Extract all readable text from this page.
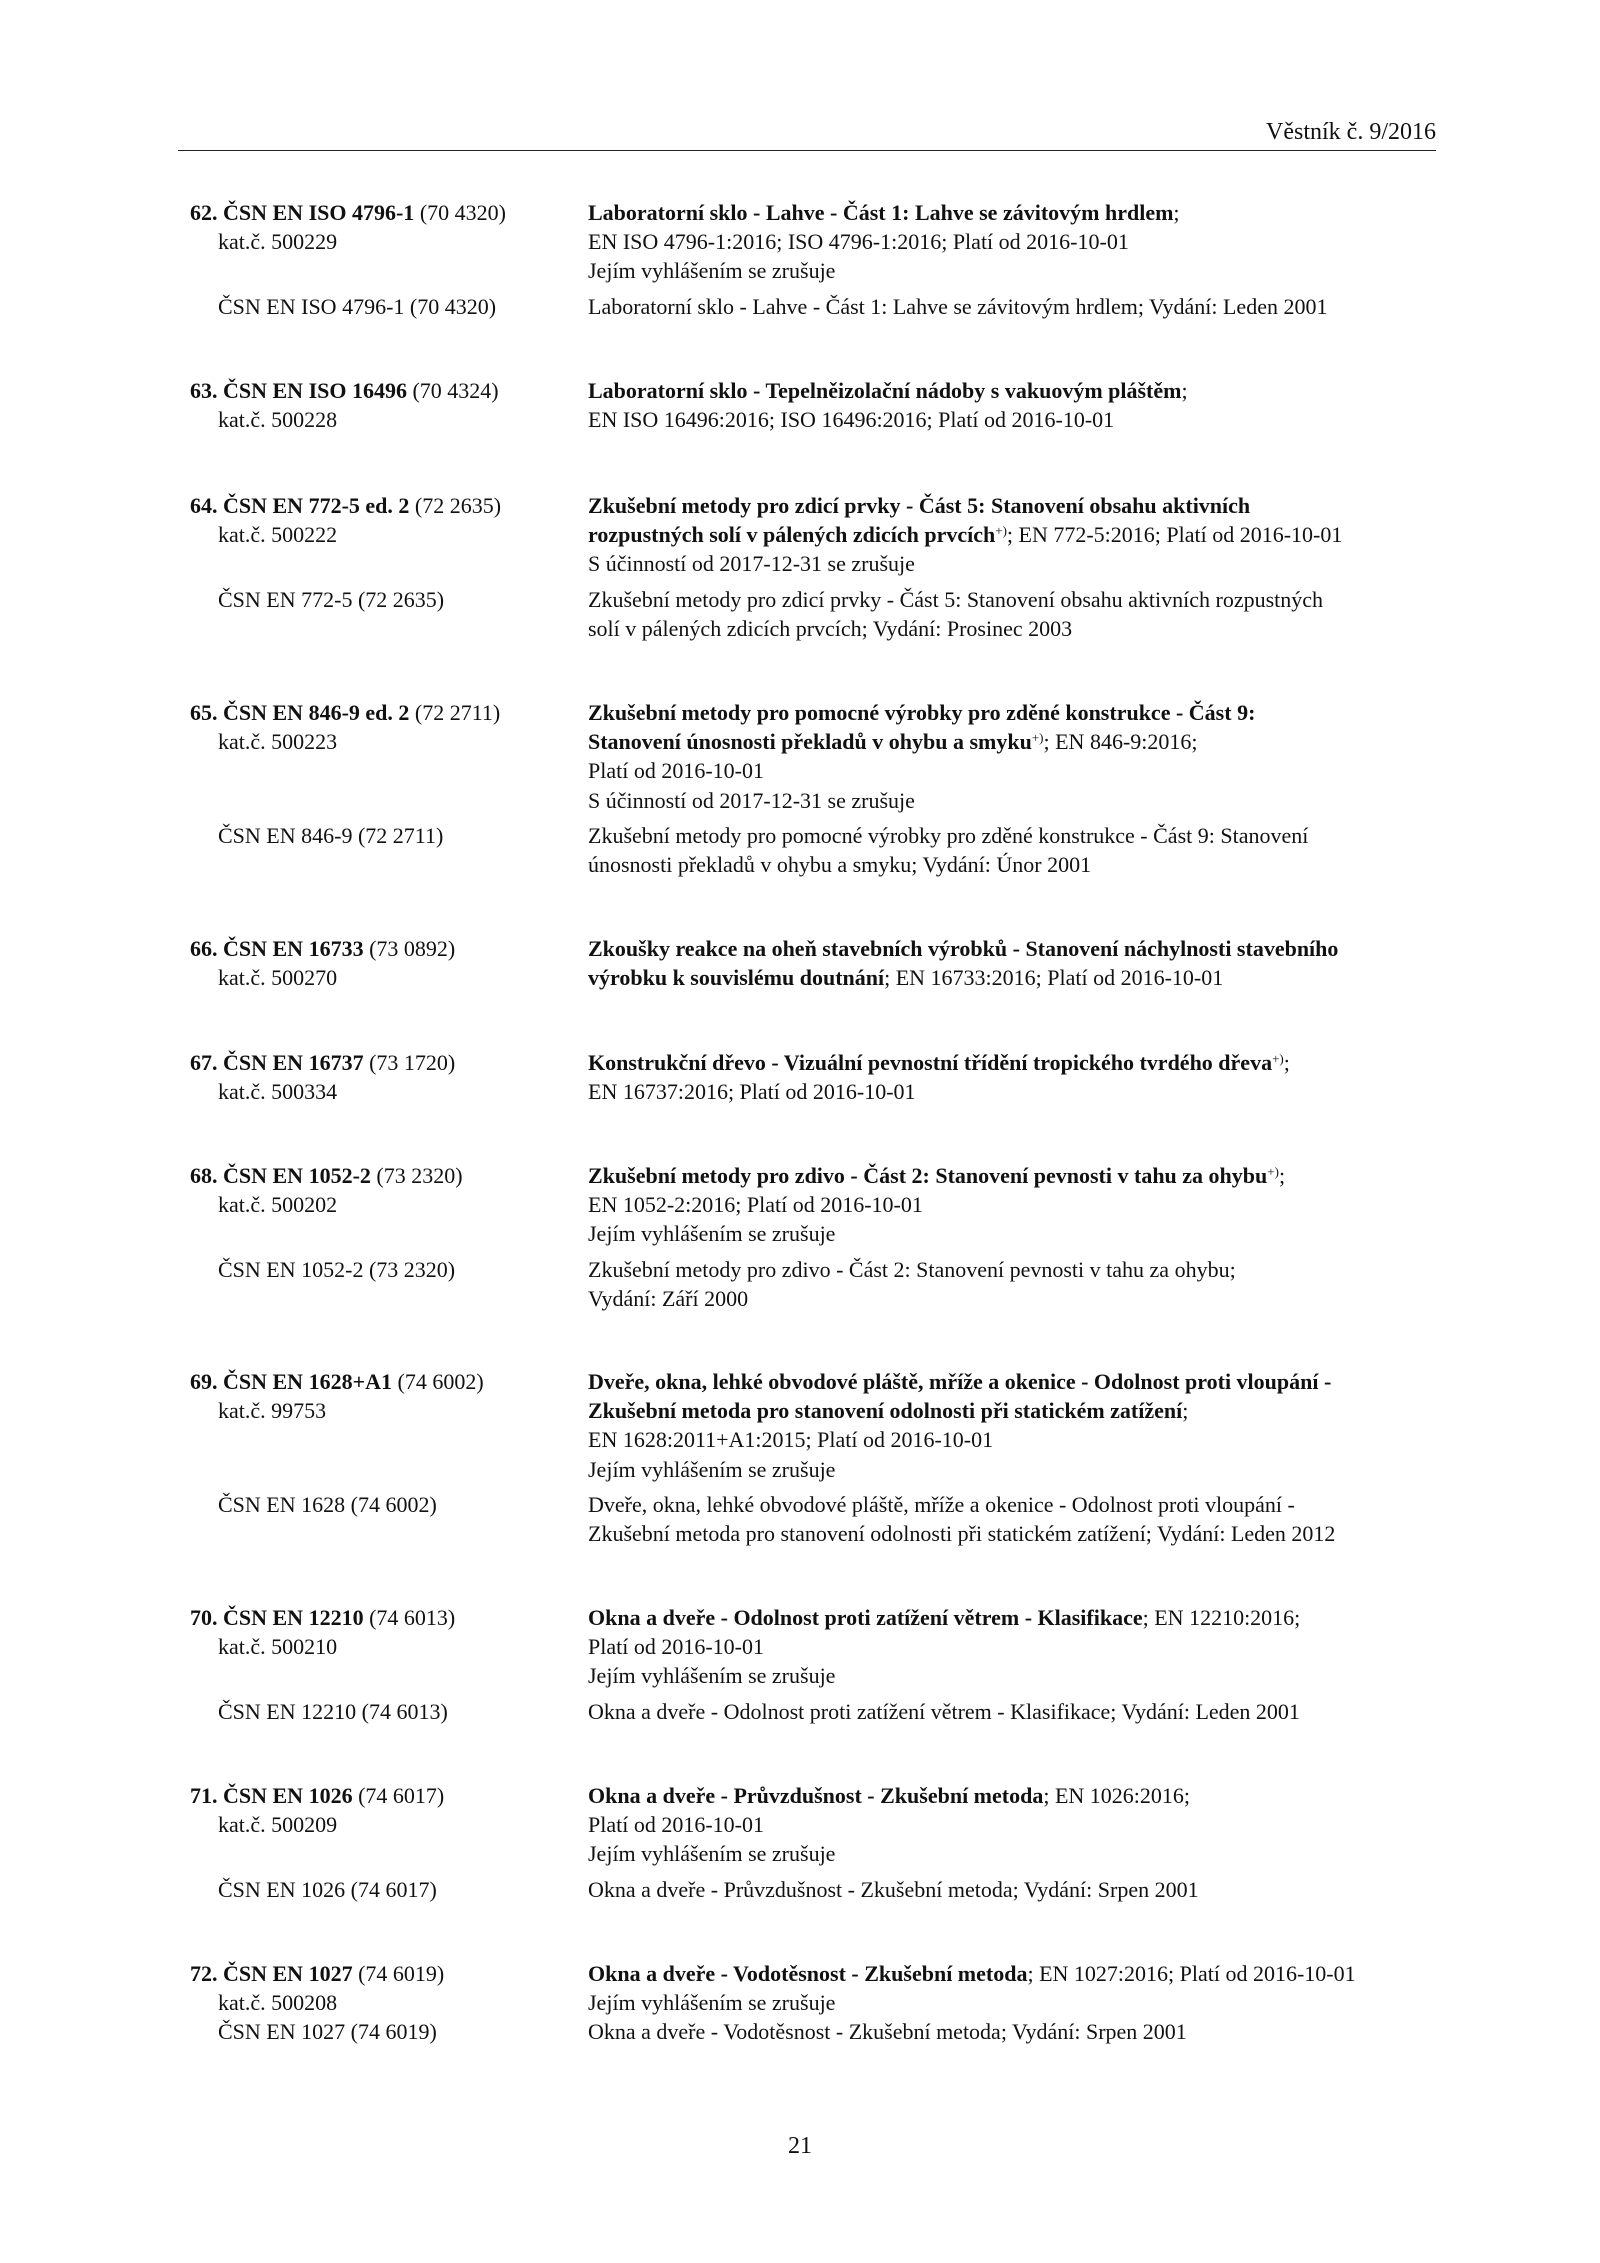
Věstník č. 9/2016
62. ČSN EN ISO 4796-1 (70 4320)	Laboratorní sklo - Lahve - Část 1: Lahve se závitovým hrdlem;
kat.č. 500229	EN ISO 4796-1:2016; ISO 4796-1:2016; Platí od 2016-10-01
Jejím vyhlášením se zrušuje
ČSN EN ISO 4796-1 (70 4320)	Laboratorní sklo - Lahve - Část 1: Lahve se závitovým hrdlem; Vydání: Leden 2001
63. ČSN EN ISO 16496 (70 4324)	Laboratorní sklo - Tepelněizolační nádoby s vakuovým pláštěm;
kat.č. 500228	EN ISO 16496:2016; ISO 16496:2016; Platí od 2016-10-01
64. ČSN EN 772-5 ed. 2 (72 2635)	Zkušební metody pro zdicí prvky - Část 5: Stanovení obsahu aktivních
kat.č. 500222	rozpustných solí v pálených zdicích prvcích+); EN 772-5:2016; Platí od 2016-10-01
S účinností od 2017-12-31 se zrušuje
ČSN EN 772-5 (72 2635)	Zkušební metody pro zdicí prvky - Část 5: Stanovení obsahu aktivních rozpustných
solí v pálených zdicích prvcích; Vydání: Prosinec 2003
65. ČSN EN 846-9 ed. 2 (72 2711)	Zkušební metody pro pomocné výrobky pro zděné konstrukce - Část 9:
kat.č. 500223	Stanovení únosnosti překladů v ohybu a smyku+); EN 846-9:2016;
Platí od 2016-10-01
S účinností od 2017-12-31 se zrušuje
ČSN EN 846-9 (72 2711)	Zkušební metody pro pomocné výrobky pro zděné konstrukce - Část 9: Stanovení
únosnosti překladů v ohybu a smyku; Vydání: Únor 2001
66. ČSN EN 16733 (73 0892)	Zkoušky reakce na oheň stavebních výrobků - Stanovení náchylnosti stavebního
kat.č. 500270	výrobku k souvislému doutnání; EN 16733:2016; Platí od 2016-10-01
67. ČSN EN 16737 (73 1720)	Konstrukční dřevo - Vizuální pevnostní třídění tropického tvrdého dřeva+);
kat.č. 500334	EN 16737:2016; Platí od 2016-10-01
68. ČSN EN 1052-2 (73 2320)	Zkušební metody pro zdivo - Část 2: Stanovení pevnosti v tahu za ohybu+);
kat.č. 500202	EN 1052-2:2016; Platí od 2016-10-01
Jejím vyhlášením se zrušuje
ČSN EN 1052-2 (73 2320)	Zkušební metody pro zdivo - Část 2: Stanovení pevnosti v tahu za ohybu;
Vydání: Září 2000
69. ČSN EN 1628+A1 (74 6002)	Dveře, okna, lehké obvodové pláště, mříže a okenice - Odolnost proti vloupání -
kat.č. 99753	Zkušební metoda pro stanovení odolnosti při statickém zatížení;
EN 1628:2011+A1:2015; Platí od 2016-10-01
Jejím vyhlášením se zrušuje
ČSN EN 1628 (74 6002)	Dveře, okna, lehké obvodové pláště, mříže a okenice - Odolnost proti vloupání -
Zkušební metoda pro stanovení odolnosti při statickém zatížení; Vydání: Leden 2012
70. ČSN EN 12210 (74 6013)	Okna a dveře - Odolnost proti zatížení větrem - Klasifikace; EN 12210:2016;
kat.č. 500210	Platí od 2016-10-01
Jejím vyhlášením se zrušuje
ČSN EN 12210 (74 6013)	Okna a dveře - Odolnost proti zatížení větrem - Klasifikace; Vydání: Leden 2001
71. ČSN EN 1026 (74 6017)	Okna a dveře - Průvzdušnost - Zkušební metoda; EN 1026:2016;
kat.č. 500209	Platí od 2016-10-01
Jejím vyhlášením se zrušuje
ČSN EN 1026 (74 6017)	Okna a dveře - Průvzdušnost - Zkušební metoda; Vydání: Srpen 2001
72. ČSN EN 1027 (74 6019)	Okna a dveře - Vodotěsnost - Zkušební metoda; EN 1027:2016; Platí od 2016-10-01
kat.č. 500208	Jejím vyhlášením se zrušuje
ČSN EN 1027 (74 6019)	Okna a dveře - Vodotěsnost - Zkušební metoda; Vydání: Srpen 2001
21
